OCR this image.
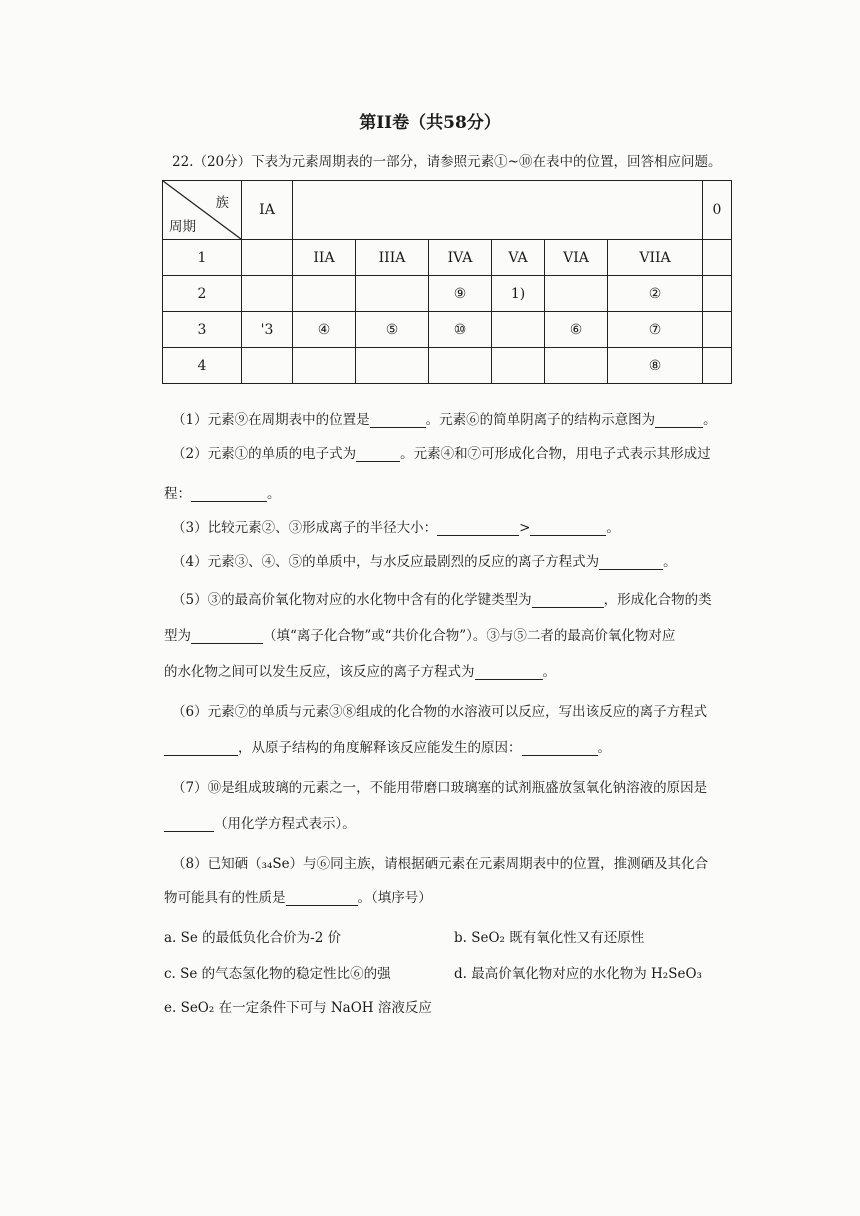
第II卷（共58分）
22.（20分）下表为元素周期表的一部分，请参照元素①~⑩在表中的位置，回答相应问题。
族
周期	IA							0
1		IIA	IIIA	IVA	VA	VIA	VIIA	
2				⑨	1)		②	
3	'3	④	⑤	⑩		⑥	⑦	
4							⑧	
（1）元素⑨在周期表中的位置是	。元素⑥的简单阴离子的结构示意图为	。
（2）元素①的单质的电子式为	。元素④和⑦可形成化合物，用电子式表示其形成过
程：	。
（3）比较元素②、③形成离子的半径大小：	>	。
（4）元素③、④、⑤的单质中，与水反应最剧烈的反应的离子方程式为	。
（5）③的最高价氧化物对应的水化物中含有的化学键类型为	，形成化合物的类
型为	（填“离子化合物”或“共价化合物”）。③与⑤二者的最高价氧化物对应
的水化物之间可以发生反应，该反应的离子方程式为	。
（6）元素⑦的单质与元素③⑧组成的化合物的水溶液可以反应，写出该反应的离子方程式
，从原子结构的角度解释该反应能发生的原因：	。
（7）⑩是组成玻璃的元素之一，不能用带磨口玻璃塞的试剂瓶盛放氢氧化钠溶液的原因是
（用化学方程式表示）。
（8）已知硒（₃₄Se）与⑥同主族，请根据硒元素在元素周期表中的位置，推测硒及其化合
物可能具有的性质是	。（填序号）
a. Se 的最低负化合价为-2 价	b. SeO₂ 既有氧化性又有还原性
c. Se 的气态氢化物的稳定性比⑥的强	d. 最高价氧化物对应的水化物为 H₂SeO₃
e. SeO₂ 在一定条件下可与 NaOH 溶液反应
